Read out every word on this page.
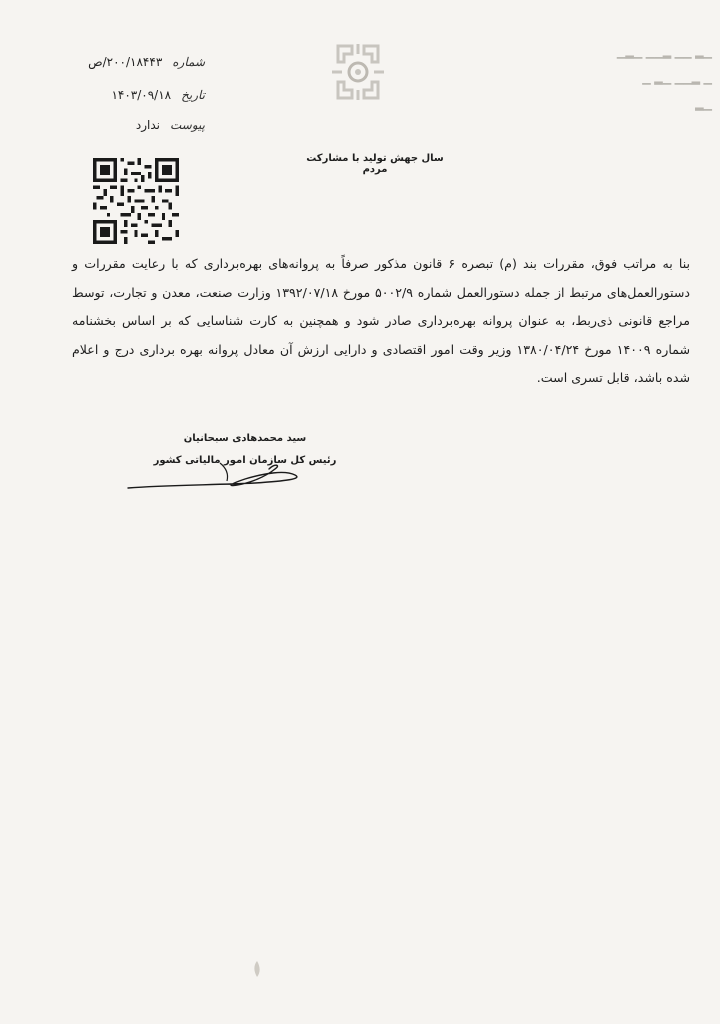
▁▂ ▁▁ ▂▁▁ ▁▂▁
▁ ▂▁▁ ▁▂ ▁
▁▂
شماره
۲۰۰/۱۸۴۴۳/ص
تاریخ
۱۴۰۳/۰۹/۱۸
پیوست
ندارد
سال جهش تولید با مشارکت مردم
بنا به مراتب فوق، مقررات بند (م) تبصره ۶ قانون مذکور صرفاً به پروانه‌های بهره‌برداری که با رعایت مقررات و دستورالعمل‌های مرتبط از جمله دستورالعمل شماره ۵۰۰۲/۹ مورخ ۱۳۹۲/۰۷/۱۸ وزارت صنعت، معدن و تجارت، توسط مراجع قانونی ذی‌ربط، به عنوان پروانه بهره‌برداری صادر شود و همچنین به کارت شناسایی که بر اساس بخشنامه شماره ۱۴۰۰۹ مورخ ۱۳۸۰/۰۴/۲۴ وزیر وقت امور اقتصادی و دارایی ارزش آن معادل پروانه بهره برداری درج و اعلام شده باشد، قابل تسری است.
سید محمدهادی سبحانیان
رئیس کل سازمان امور مالیاتی کشور
